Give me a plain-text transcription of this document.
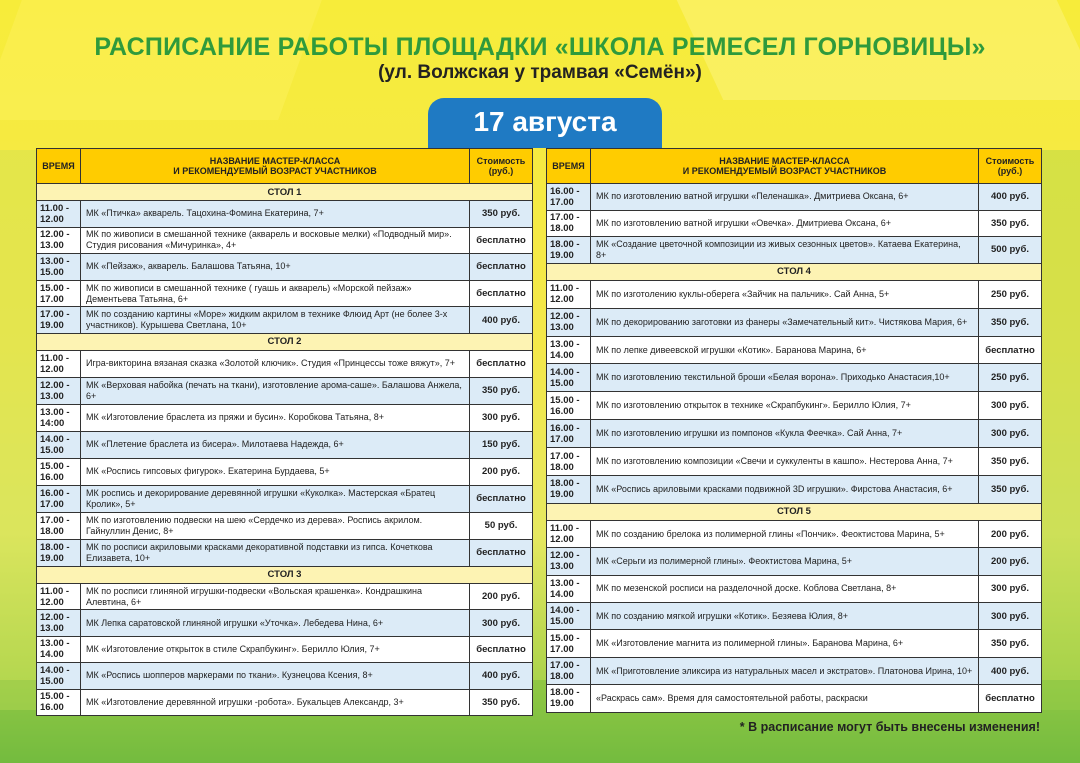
РАСПИСАНИЕ РАБОТЫ ПЛОЩАДКИ «ШКОЛА РЕМЕСЕЛ ГОРНОВИЦЫ»
(ул. Волжская у трамвая «Семён»)
17 августа
ВРЕМЯ	НАЗВАНИЕ МАСТЕР-КЛАССА
И РЕКОМЕНДУЕМЫЙ ВОЗРАСТ УЧАСТНИКОВ	Стоимость
(руб.)
СТОЛ 1		
11.00 - 12.00	МК «Птичка» акварель. Тацохина-Фомина Екатерина, 7+	350 руб.
12.00 - 13.00	МК по живописи в смешанной технике (акварель и восковые мелки) «Подводный мир». Студия рисования «Мичуринка», 4+	бесплатно
13.00 - 15.00	МК «Пейзаж», акварель. Балашова Татьяна, 10+	бесплатно
15.00 - 17.00	МК по живописи в смешанной технике ( гуашь и акварель) «Морской пейзаж» Дементьева Татьяна, 6+	бесплатно
17.00 - 19.00	МК по созданию картины «Море» жидким акрилом в технике Флюид Арт (не более 3-х участников). Курышева Светлана, 10+	400 руб.
СТОЛ 2		
11.00 - 12.00	Игра-викторина вязаная сказка «Золотой ключик». Студия «Принцессы тоже вяжут», 7+	бесплатно
12.00 - 13.00	МК «Верховая набойка (печать на ткани), изготовление арома-саше». Балашова Анжела, 6+	350 руб.
13.00 - 14:00	МК «Изготовление браслета из пряжи и бусин». Коробкова Татьяна, 8+	300 руб.
14.00 - 15.00	МК «Плетение браслета из бисера». Милотаева Надежда, 6+	150 руб.
15.00 - 16.00	МК «Роспись гипсовых фигурок». Екатерина Бурдаева, 5+	200 руб.
16.00 - 17.00	МК роспись и декорирование деревянной игрушки «Куколка». Мастерская «Братец Кролик», 5+	бесплатно
17.00 - 18.00	МК по изготовлению подвески на шею «Сердечко из дерева». Роспись акрилом. Гайнуллин Денис, 8+	50 руб.
18.00 - 19.00	МК по росписи акриловыми красками декоративной подставки из гипса. Кочеткова Елизавета, 10+	бесплатно
СТОЛ 3		
11.00 - 12.00	МК по росписи глиняной игрушки-подвески «Вольская крашенка». Кондрашкина Алевтина, 6+	200 руб.
12.00 - 13.00	МК Лепка саратовской глиняной игрушки «Уточка». Лебедева Нина, 6+	300 руб.
13.00 - 14.00	МК «Изготовление открыток в стиле Скрапбукинг». Берилло Юлия, 7+	бесплатно
14.00 - 15.00	МК «Роспись шопперов маркерами по ткани». Кузнецова Ксения, 8+	400 руб.
15.00 - 16.00	МК «Изготовление деревянной игрушки -робота». Букальцев Александр, 3+	350 руб.
ВРЕМЯ	НАЗВАНИЕ МАСТЕР-КЛАССА
И РЕКОМЕНДУЕМЫЙ ВОЗРАСТ УЧАСТНИКОВ	Стоимость
(руб.)
16.00 - 17.00	МК по изготовлению ватной игрушки «Пеленашка». Дмитриева Оксана, 6+	400 руб.
17.00 - 18.00	МК по изготовлению ватной игрушки «Овечка». Дмитриева Оксана, 6+	350 руб.
18.00 - 19.00	МК «Создание цветочной композиции из живых сезонных цветов». Катаева Екатерина, 8+	500 руб.
СТОЛ 4		
11.00 - 12.00	МК по изготолению куклы-оберега «Зайчик на пальчик». Сай Анна, 5+	250 руб.
12.00 - 13.00	МК по декорированию заготовки из фанеры «Замечательный кит». Чистякова Мария, 6+	350 руб.
13.00 - 14.00	МК по лепке дивеевской игрушки «Котик». Баранова Марина, 6+	бесплатно
14.00 - 15.00	МК по изготовлению текстильной броши «Белая ворона». Приходько Анастасия,10+	250 руб.
15.00 - 16.00	МК по изготовлению открыток в технике «Скрапбукинг». Берилло Юлия, 7+	300 руб.
16.00 - 17.00	МК по изготовлению игрушки из помпонов «Кукла Феечка». Сай Анна, 7+	300 руб.
17.00 - 18.00	МК по изготовлению композиции «Свечи и суккуленты в кашпо». Нестерова Анна, 7+	350 руб.
18.00 - 19.00	МК «Роспись ариловыми красками подвижной 3D игрушки». Фирстова Анастасия, 6+	350 руб.
СТОЛ 5		
11.00 - 12.00	МК по созданию брелока из полимерной глины «Пончик». Феоктистова Марина, 5+	200 руб.
12.00 - 13.00	МК «Серьги из полимерной глины». Феоктистова Марина, 5+	200 руб.
13.00 - 14.00	МК по мезенской росписи на разделочной доске. Коблова Светлана, 8+	300 руб.
14.00 - 15.00	МК по созданию мягкой игрушки «Котик». Безяева Юлия, 8+	300 руб.
15.00 - 17.00	МК «Изготовление магнита из полимерной глины». Баранова Марина, 6+	350 руб.
17.00 - 18.00	МК «Приготовление эликсира из натуральных масел и экстратов». Платонова Ирина, 10+	400 руб.
18.00 - 19.00	«Раскрась сам». Время для самостоятельной работы, раскраски	бесплатно
* В расписание могут быть внесены изменения!
